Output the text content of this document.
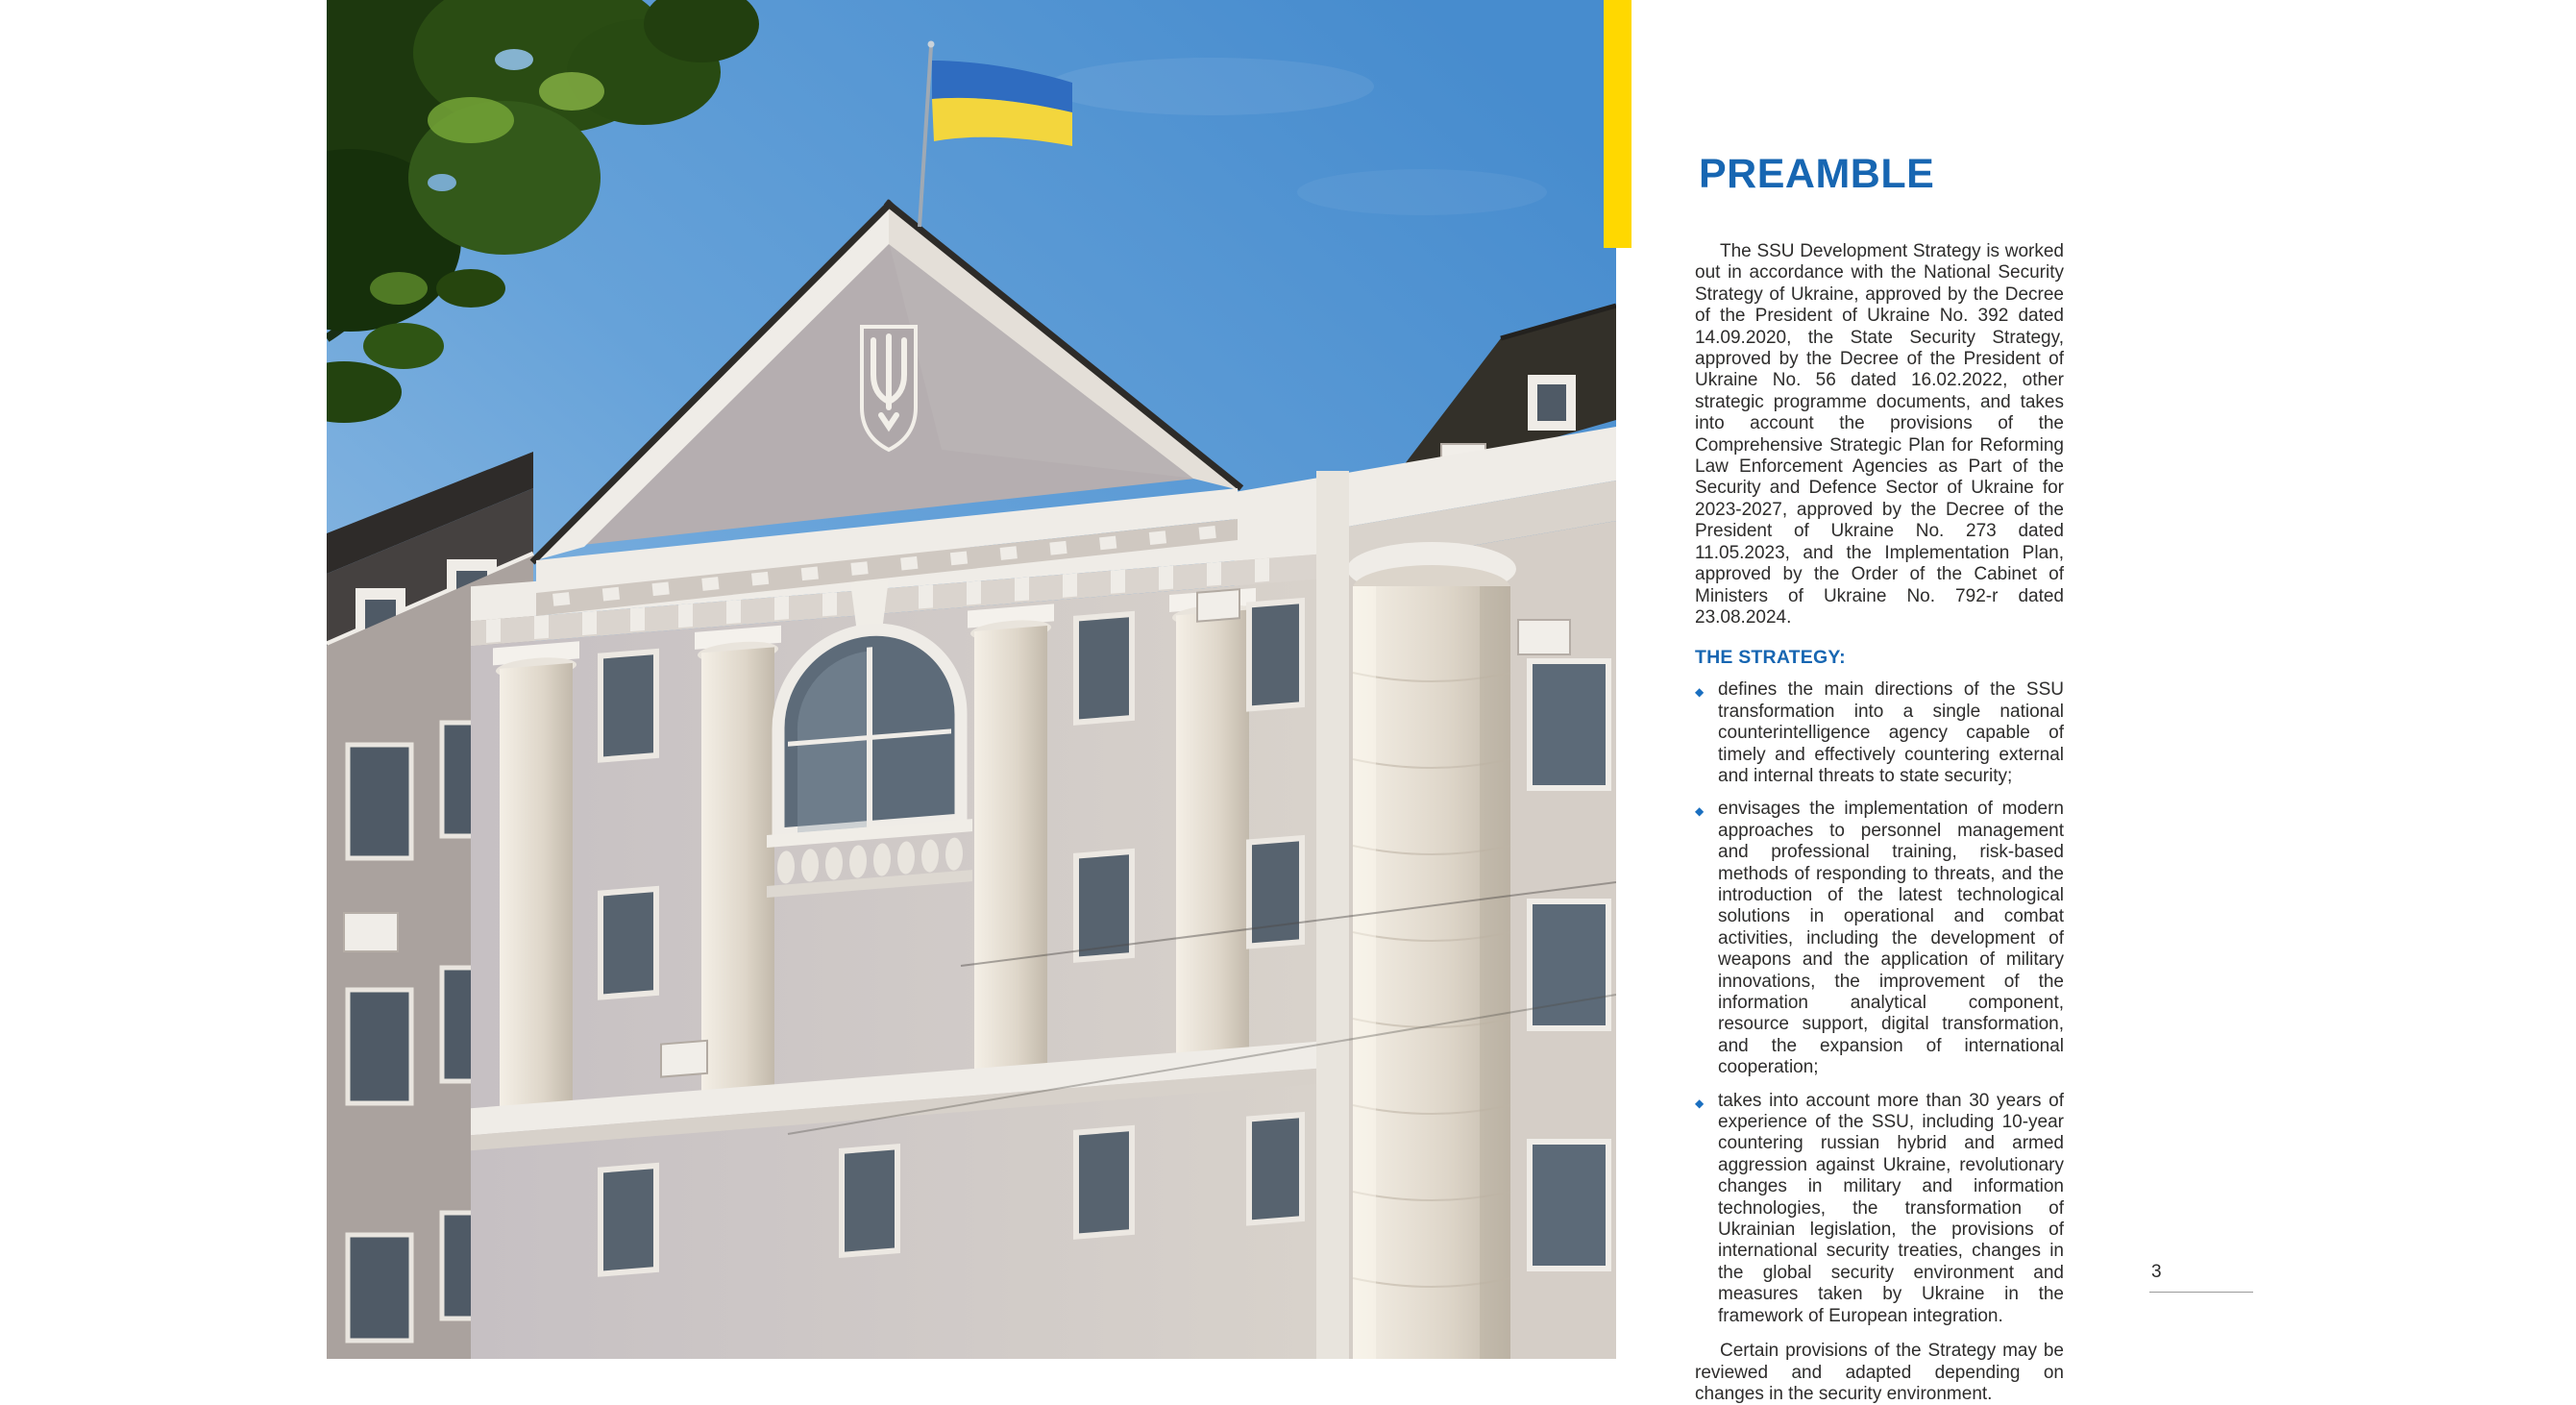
PREAMBLE

The SSU Development Strategy is worked out in accordance with the National Security Strategy of Ukraine, approved by the Decree of the President of Ukraine No. 392 dated 14.09.2020, the State Security Strategy, approved by the Decree of the President of Ukraine No. 56 dated 16.02.2022, other strategic programme documents, and takes into account the provisions of the Comprehensive Strategic Plan for Reforming Law Enforcement Agencies as Part of the Security and Defence Sector of Ukraine for 2023-2027, approved by the Decree of the President of Ukraine No. 273 dated 11.05.2023, and the Implementation Plan, approved by the Order of the Cabinet of Ministers of Ukraine No. 792-r dated 23.08.2024.

THE STRATEGY:
◆ defines the main directions of the SSU transformation into a single national counterintelligence agency capable of timely and effectively countering external and internal threats to state security;

◆ envisages the implementation of modern approaches to personnel management and professional training, risk-based methods of responding to threats, and the introduction of the latest technological solutions in operational and combat activities, including the development of weapons and the application of military innovations, the improvement of the information analytical component, resource support, digital transformation, and the expansion of international cooperation;

◆ takes into account more than 30 years of experience of the SSU, including 10-year countering russian hybrid and armed aggression against Ukraine, revolutionary changes in military and information technologies, the transformation of Ukrainian legislation, the provisions of international security treaties, changes in the global security environment and measures taken by Ukraine in the framework of European integration.

Certain provisions of the Strategy may be reviewed and adapted depending on changes in the security environment.

3
